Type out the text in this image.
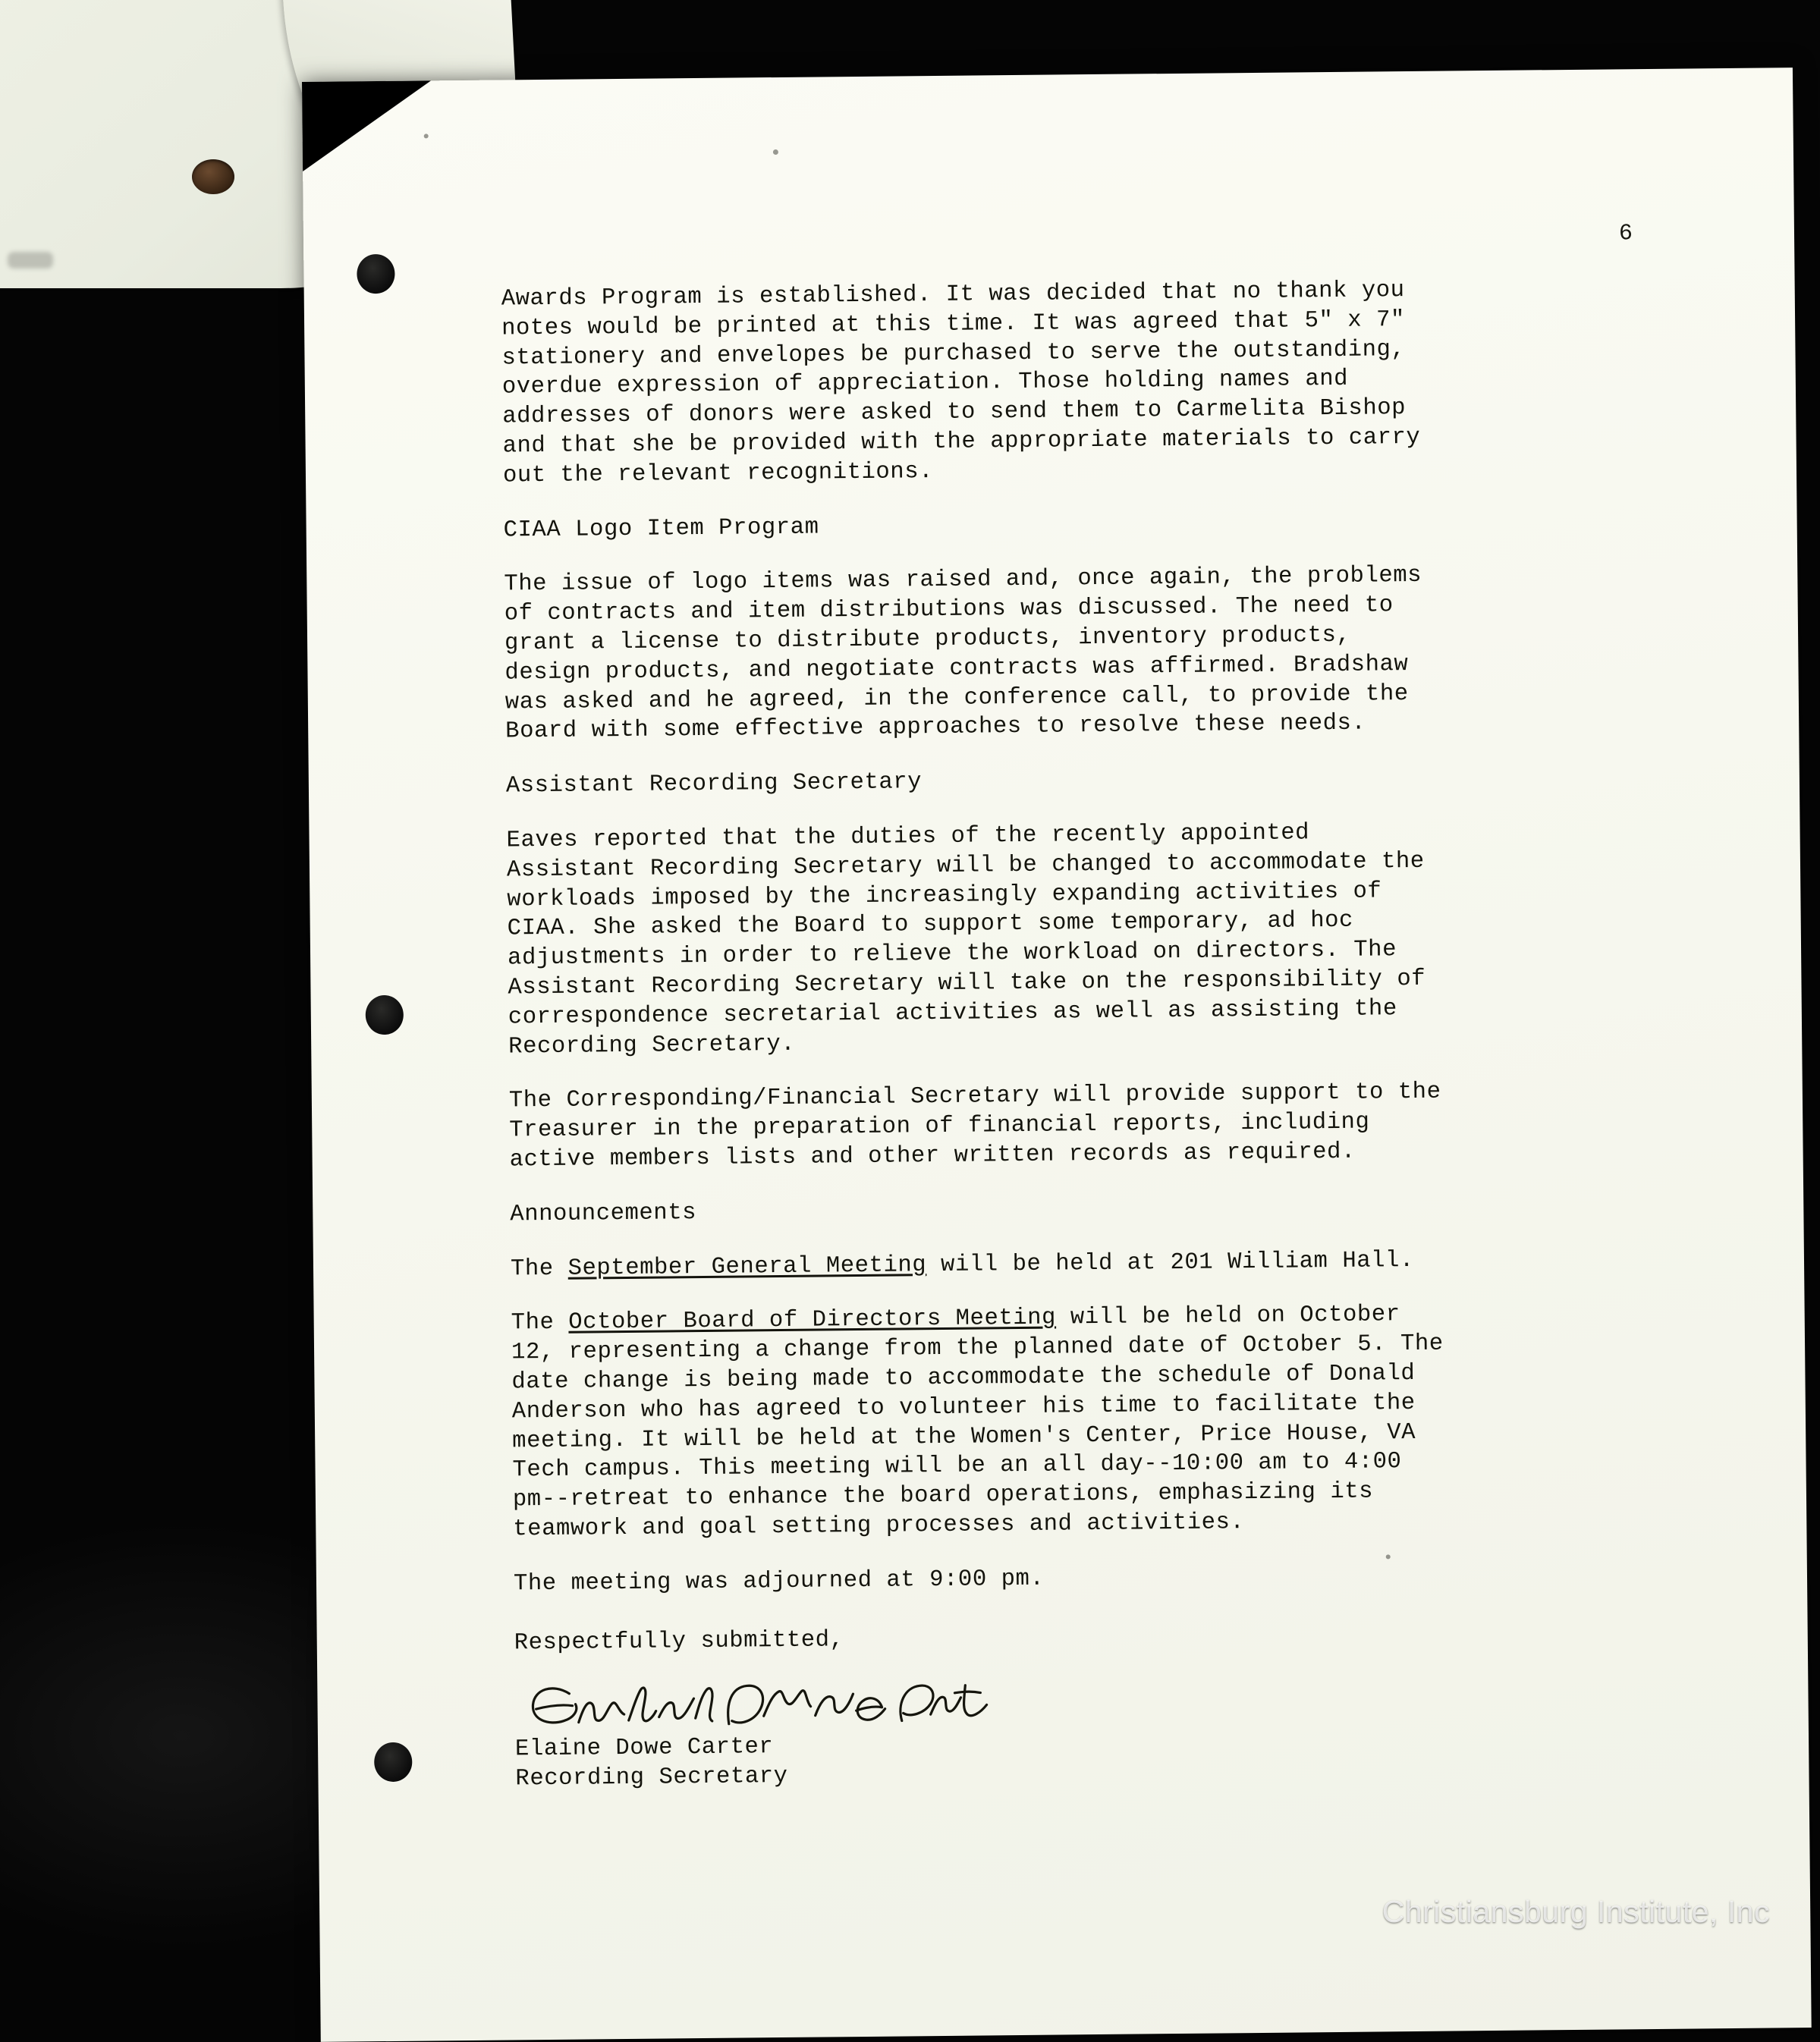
6

Awards Program is established. It was decided that no thank you
notes would be printed at this time. It was agreed that 5" x 7"
stationery and envelopes be purchased to serve the outstanding,
overdue expression of appreciation. Those holding names and
addresses of donors were asked to send them to Carmelita Bishop
and that she be provided with the appropriate materials to carry
out the relevant recognitions.

CIAA Logo Item Program

The issue of logo items was raised and, once again, the problems
of contracts and item distributions was discussed. The need to
grant a license to distribute products, inventory products,
design products, and negotiate contracts was affirmed. Bradshaw
was asked and he agreed, in the conference call, to provide the
Board with some effective approaches to resolve these needs.

Assistant Recording Secretary

Eaves reported that the duties of the recently appointed
Assistant Recording Secretary will be changed to accommodate the
workloads imposed by the increasingly expanding activities of
CIAA. She asked the Board to support some temporary, ad hoc
adjustments in order to relieve the workload on directors. The
Assistant Recording Secretary will take on the responsibility of
correspondence secretarial activities as well as assisting the
Recording Secretary.

The Corresponding/Financial Secretary will provide support to the
Treasurer in the preparation of financial reports, including
active members lists and other written records as required.

Announcements

The September General Meeting will be held at 201 William Hall.

The October Board of Directors Meeting will be held on October
12, representing a change from the planned date of October 5. The
date change is being made to accommodate the schedule of Donald
Anderson who has agreed to volunteer his time to facilitate the
meeting. It will be held at the Women's Center, Price House, VA
Tech campus. This meeting will be an all day--10:00 am to 4:00
pm--retreat to enhance the board operations, emphasizing its
teamwork and goal setting processes and activities.

The meeting was adjourned at 9:00 pm.

Respectfully submitted,

Elaine Dowe Carter
Recording Secretary
Christiansburg Institute, Inc
